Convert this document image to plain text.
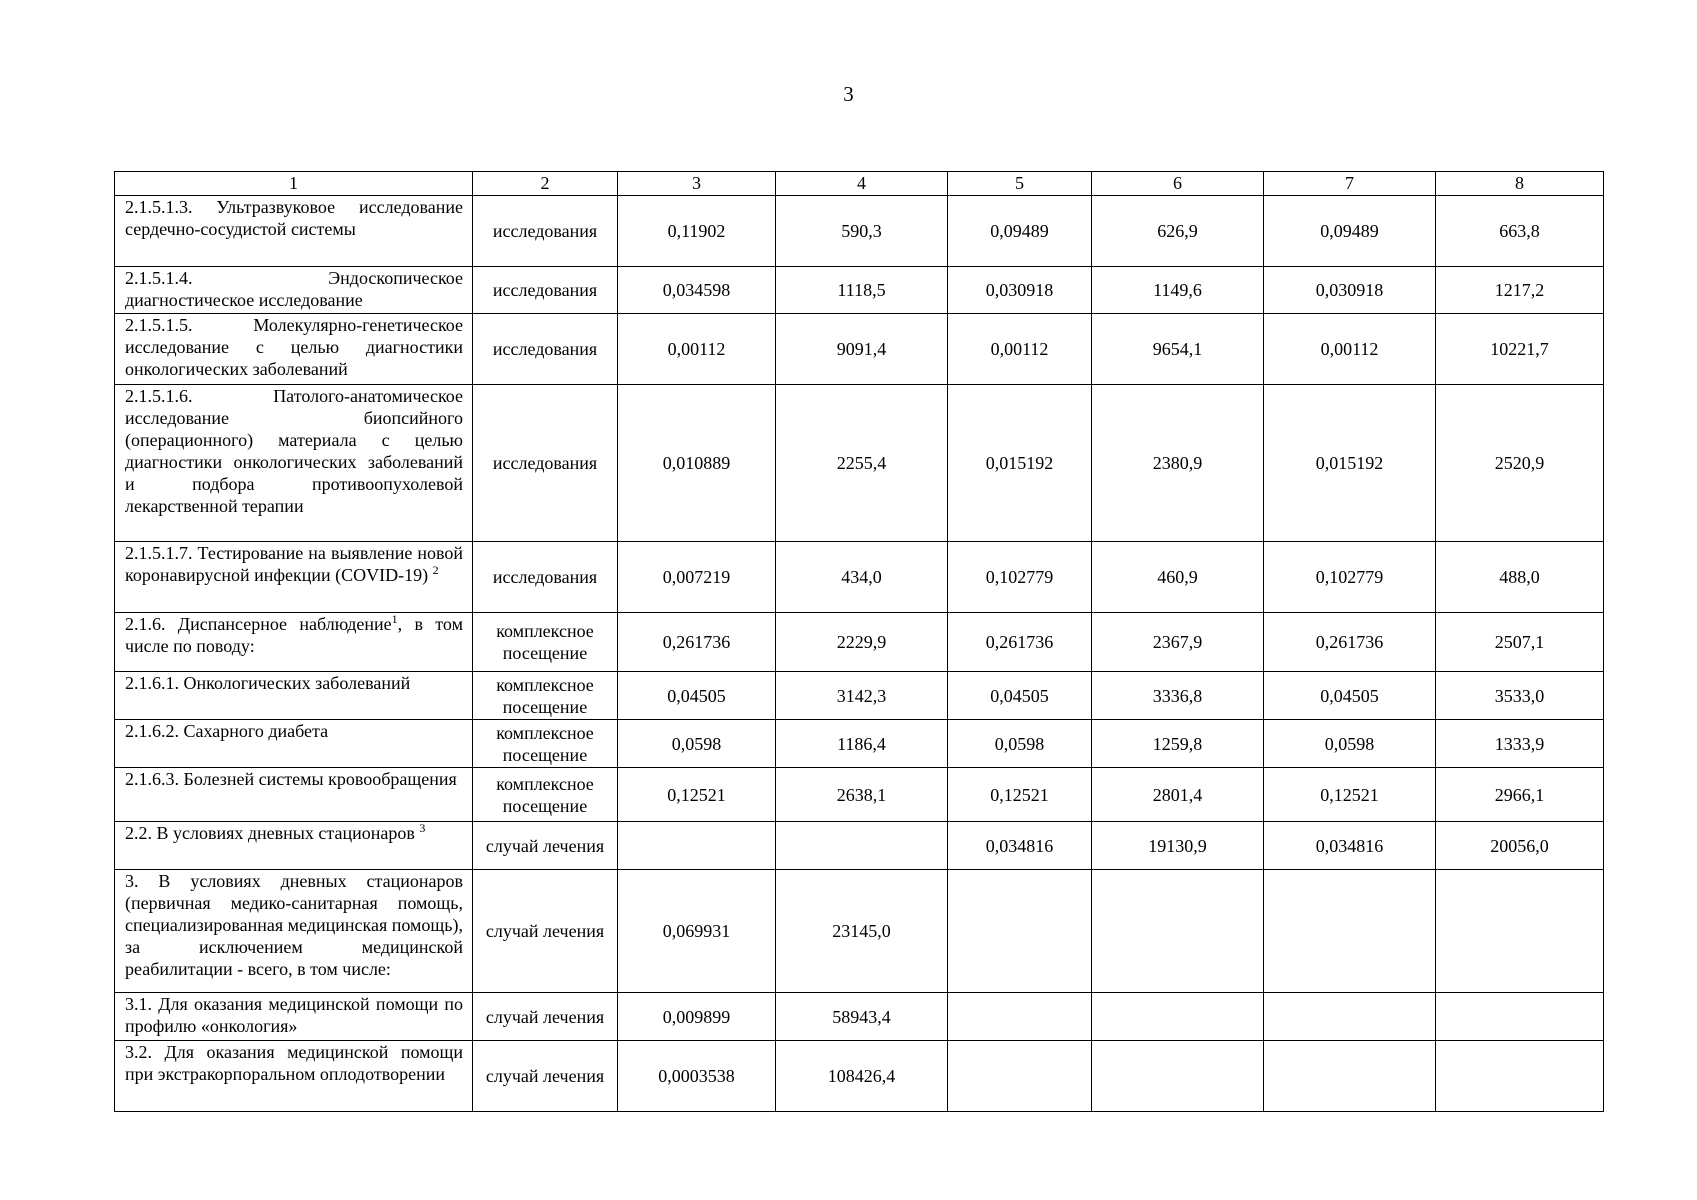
3
1	2	3	4	5	6	7	8
2.1.5.1.3. Ультразвуковое исследование сердечно-сосудистой системы	исследования	0,11902	590,3	0,09489	626,9	0,09489	663,8
2.1.5.1.4. Эндоскопическое диагностическое исследование	исследования	0,034598	1118,5	0,030918	1149,6	0,030918	1217,2
2.1.5.1.5. Молекулярно-генетическое исследование с целью диагностики онкологических заболеваний	исследования	0,00112	9091,4	0,00112	9654,1	0,00112	10221,7
2.1.5.1.6. Патолого-анатомическое исследование биопсийного (операционного) материала с целью диагностики онкологических заболеваний и подбора противоопухолевой лекарственной терапии	исследования	0,010889	2255,4	0,015192	2380,9	0,015192	2520,9
2.1.5.1.7. Тестирование на выявление новой коронавирусной инфекции (COVID-19) $^2$	исследования	0,007219	434,0	0,102779	460,9	0,102779	488,0
2.1.6. Диспансерное наблюдение$^1$, в том числе по поводу:	комплексное посещение	0,261736	2229,9	0,261736	2367,9	0,261736	2507,1
2.1.6.1. Онкологических заболеваний	комплексное посещение	0,04505	3142,3	0,04505	3336,8	0,04505	3533,0
2.1.6.2. Сахарного диабета	комплексное посещение	0,0598	1186,4	0,0598	1259,8	0,0598	1333,9
2.1.6.3. Болезней системы кровообращения	комплексное посещение	0,12521	2638,1	0,12521	2801,4	0,12521	2966,1
2.2. В условиях дневных стационаров $^3$	случай лечения			0,034816	19130,9	0,034816	20056,0
3. В условиях дневных стационаров (первичная медико-санитарная помощь, специализированная медицинская помощь), за исключением медицинской реабилитации - всего, в том числе:	случай лечения	0,069931	23145,0				
3.1. Для оказания медицинской помощи по профилю «онкология»	случай лечения	0,009899	58943,4				
3.2. Для оказания медицинской помощи при экстракорпоральном оплодотворении	случай лечения	0,0003538	108426,4				
